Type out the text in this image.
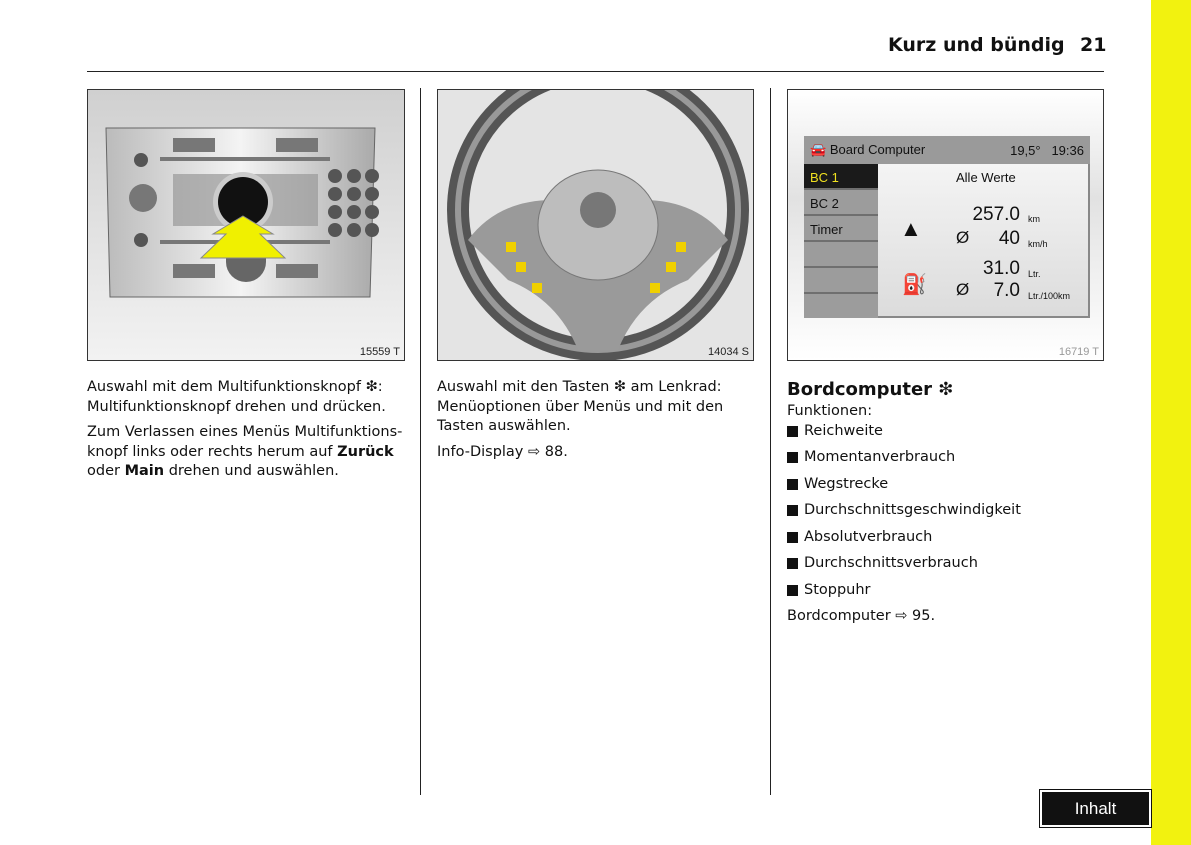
Kurz und bündig 21
15559 T	14034 S
🚘 Board Computer	19,5° 19:36
BC 1
BC 2
Timer
Alle Werte
▲
257.0 km
Ø	40 km/h
⛽
31.0 Ltr.
Ø	7.0 Ltr./100km
16719 T

Auswahl mit dem Multifunktionsknopf ❇:
Multifunktionsknopf drehen und drücken.

Zum Verlassen eines Menüs Multifunktions-
knopf links oder rechts herum auf Zurück
oder Main drehen und auswählen.

Auswahl mit den Tasten ❇ am Lenkrad:
Menüoptionen über Menüs und mit den
Tasten auswählen.

Info-Display ⇨ 88.

Bordcomputer ❇
Funktionen:
Reichweite
Momentanverbrauch
Wegstrecke
Durchschnittsgeschwindigkeit
Absolutverbrauch
Durchschnittsverbrauch
Stoppuhr
Bordcomputer ⇨ 95.
Inhalt
